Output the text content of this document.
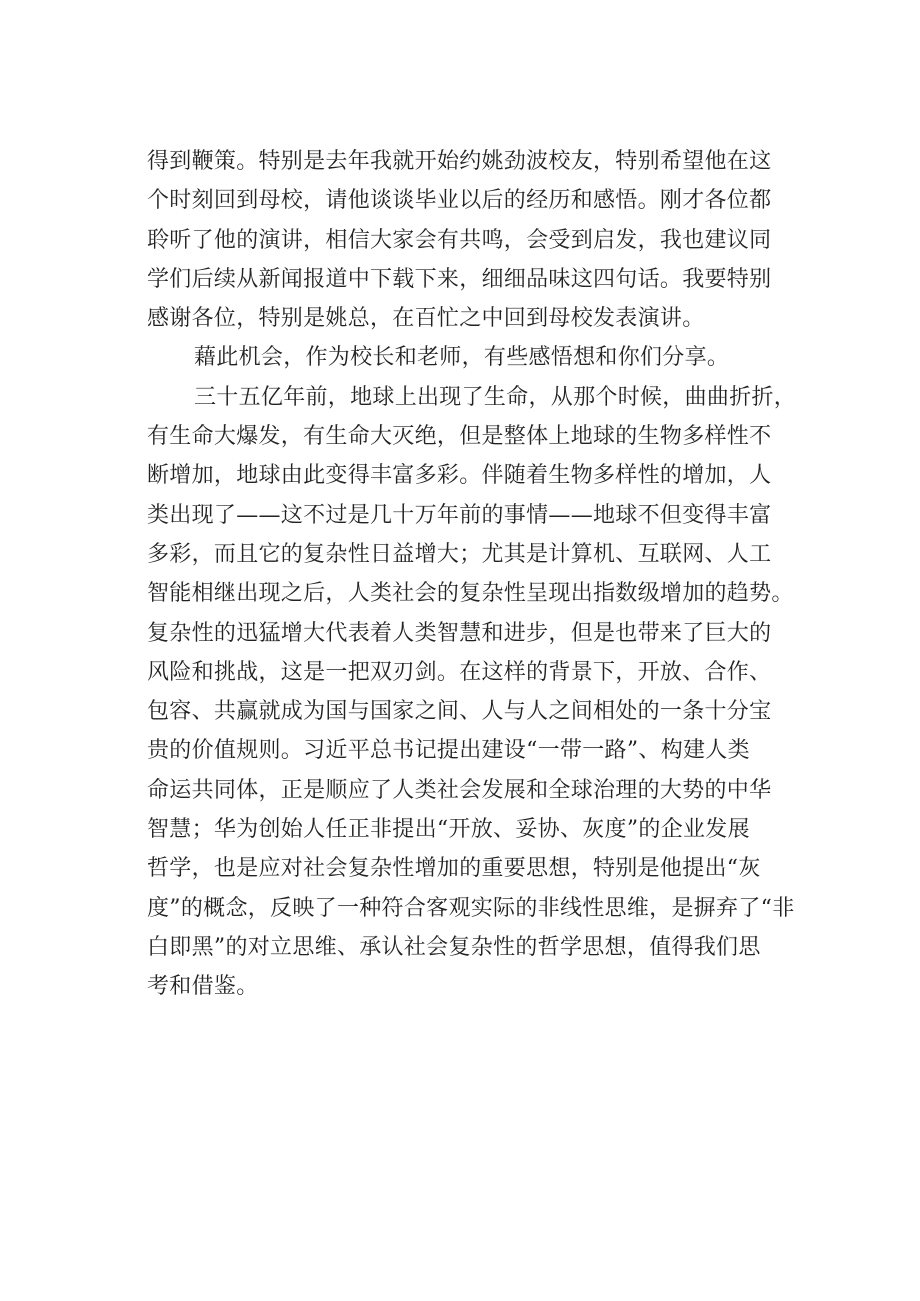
得到鞭策。特别是去年我就开始约姚劲波校友，特别希望他在这
个时刻回到母校，请他谈谈毕业以后的经历和感悟。刚才各位都
聆听了他的演讲，相信大家会有共鸣，会受到启发，我也建议同
学们后续从新闻报道中下载下来，细细品味这四句话。我要特别
感谢各位，特别是姚总，在百忙之中回到母校发表演讲。
藉此机会，作为校长和老师，有些感悟想和你们分享。
三十五亿年前，地球上出现了生命，从那个时候，曲曲折折，
有生命大爆发，有生命大灭绝，但是整体上地球的生物多样性不
断增加，地球由此变得丰富多彩。伴随着生物多样性的增加，人
类出现了——这不过是几十万年前的事情——地球不但变得丰富
多彩，而且它的复杂性日益增大；尤其是计算机、互联网、人工
智能相继出现之后，人类社会的复杂性呈现出指数级增加的趋势。
复杂性的迅猛增大代表着人类智慧和进步，但是也带来了巨大的
风险和挑战，这是一把双刃剑。在这样的背景下，开放、合作、
包容、共赢就成为国与国家之间、人与人之间相处的一条十分宝
贵的价值规则。习近平总书记提出建设“一带一路”、构建人类
命运共同体，正是顺应了人类社会发展和全球治理的大势的中华
智慧；华为创始人任正非提出“开放、妥协、灰度”的企业发展
哲学，也是应对社会复杂性增加的重要思想，特别是他提出“灰
度”的概念，反映了一种符合客观实际的非线性思维，是摒弃了“非
白即黑”的对立思维、承认社会复杂性的哲学思想，值得我们思
考和借鉴。
